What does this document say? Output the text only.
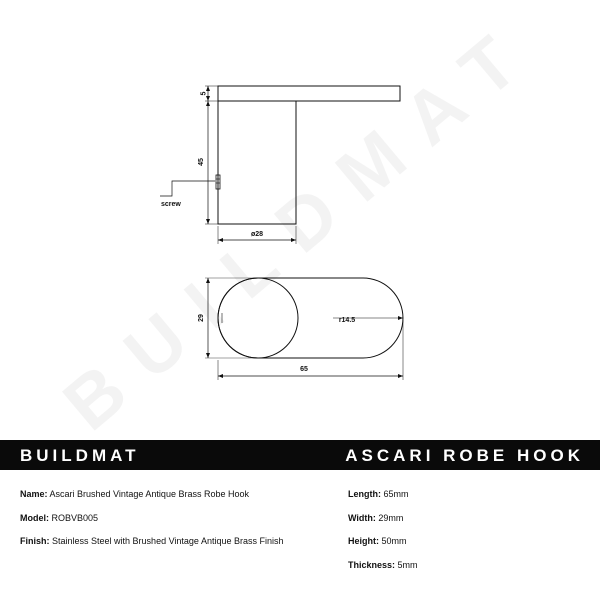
5
45
screw
ø28
29	r14.5
65
BUILDMAT	ASCARI ROBE HOOK
Name: Ascari Brushed Vintage Antique Brass Robe Hook
Model: ROBVB005
Finish: Stainless Steel with Brushed Vintage Antique Brass Finish
Length: 65mm
Width: 29mm
Height: 50mm
Thickness: 5mm
